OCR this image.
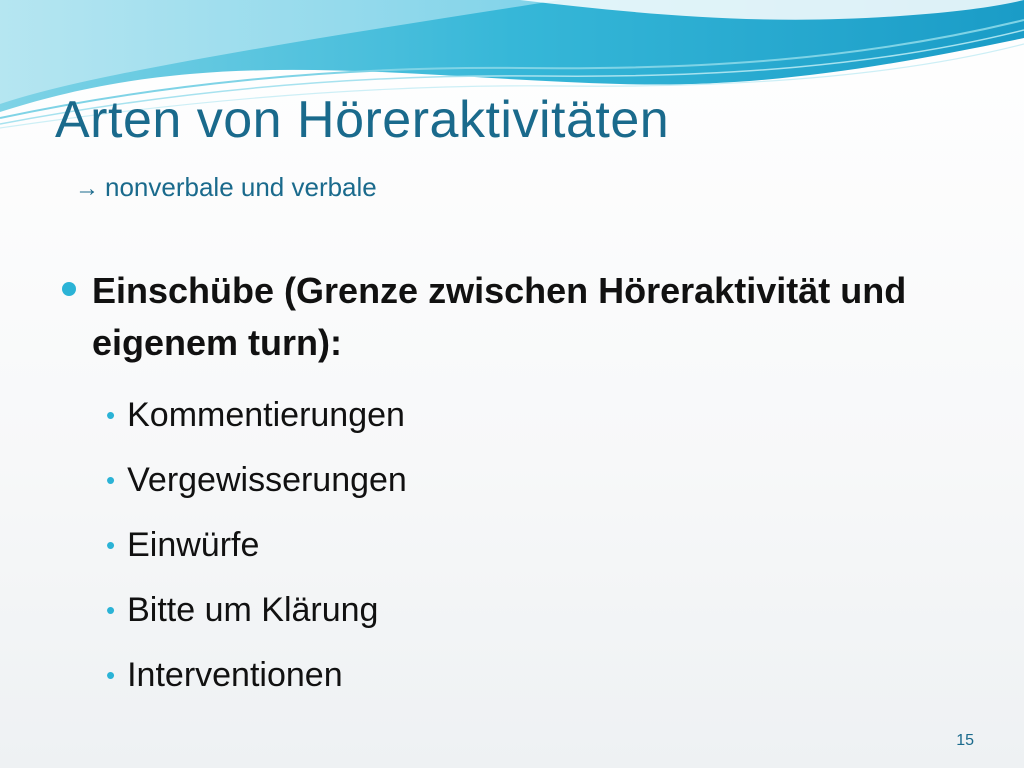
Arten von Höreraktivitäten
→ nonverbale und verbale
Einschübe (Grenze zwischen Höreraktivität und eigenem turn):
• Kommentierungen
• Vergewisserungen
• Einwürfe
• Bitte um Klärung
• Interventionen
15
